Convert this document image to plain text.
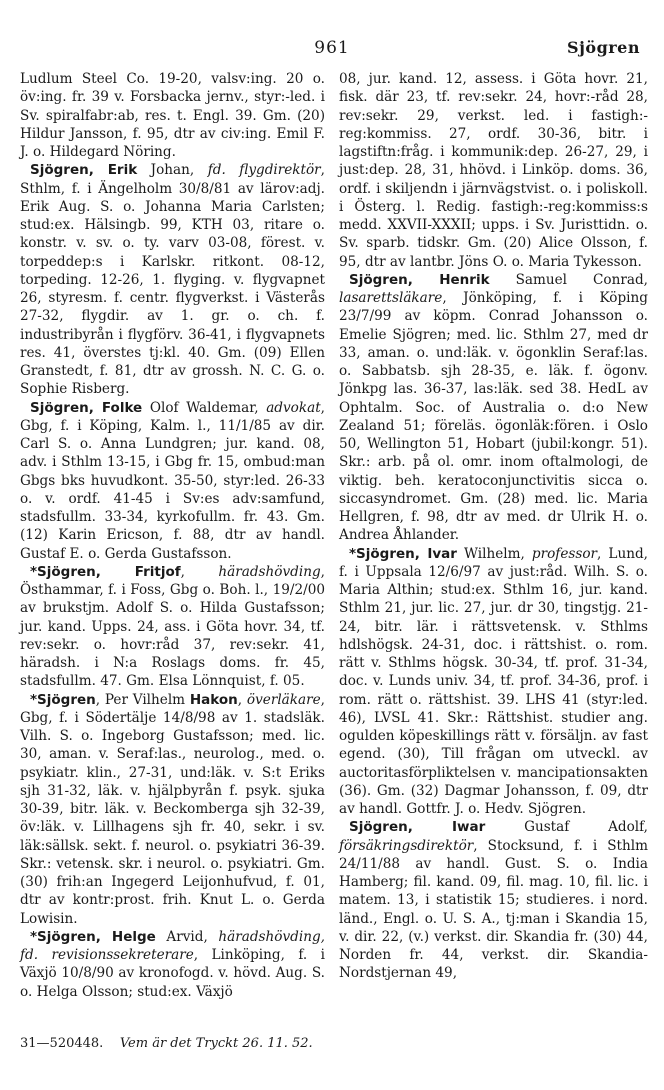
961	Sjögren

Ludlum Steel Co. 19-20, valsv:ing. 20 o. öv:ing. fr. 39 v. Forsbacka jernv., styr:-led. i Sv. spiralfabr:ab, res. t. Engl. 39. Gm. (20) Hildur Jansson, f. 95, dtr av civ:ing. Emil F. J. o. Hildegard Nöring.

Sjögren, Erik Johan, fd. flygdirektör, Sthlm, f. i Ängelholm 30/8/81 av lärov:adj. Erik Aug. S. o. Johanna Maria Carlsten; stud:ex. Hälsingb. 99, KTH 03, ritare o. konstr. v. sv. o. ty. varv 03-08, förest. v. torpeddep:s i Karlskr. ritkont. 08-12, torpeding. 12-26, 1. flyging. v. flygvapnet 26, styresm. f. centr. flygverkst. i Västerås 27-32, flygdir. av 1. gr. o. ch. f. industribyrån i flygförv. 36-41, i flygvapnets res. 41, överstes tj:kl. 40. Gm. (09) Ellen Granstedt, f. 81, dtr av grossh. N. C. G. o. Sophie Risberg.

Sjögren, Folke Olof Waldemar, advokat, Gbg, f. i Köping, Kalm. l., 11/1/85 av dir. Carl S. o. Anna Lundgren; jur. kand. 08, adv. i Sthlm 13-15, i Gbg fr. 15, ombud:man Gbgs bks huvudkont. 35-50, styr:led. 26-33 o. v. ordf. 41-45 i Sv:es adv:samfund, stadsfullm. 33-34, kyrkofullm. fr. 43. Gm. (12) Karin Ericson, f. 88, dtr av handl. Gustaf E. o. Gerda Gustafsson.

*Sjögren, Fritjof, häradshövding, Östhammar, f. i Foss, Gbg o. Boh. l., 19/2/00 av brukstjm. Adolf S. o. Hilda Gustafsson; jur. kand. Upps. 24, ass. i Göta hovr. 34, tf. rev:sekr. o. hovr:råd 37, rev:sekr. 41, häradsh. i N:a Roslags doms. fr. 45, stadsfullm. 47. Gm. Elsa Lönnquist, f. 05.

*Sjögren, Per Vilhelm Hakon, överläkare, Gbg, f. i Södertälje 14/8/98 av 1. stadsläk. Vilh. S. o. Ingeborg Gustafsson; med. lic. 30, aman. v. Seraf:las., neurolog., med. o. psykiatr. klin., 27-31, und:läk. v. S:t Eriks sjh 31-32, läk. v. hjälpbyrån f. psyk. sjuka 30-39, bitr. läk. v. Beckomberga sjh 32-39, öv:läk. v. Lillhagens sjh fr. 40, sekr. i sv. läk:sällsk. sekt. f. neurol. o. psykiatri 36-39. Skr.: vetensk. skr. i neurol. o. psykiatri. Gm. (30) frih:an Ingegerd Leijonhufvud, f. 01, dtr av kontr:prost. frih. Knut L. o. Gerda Lowisin.

*Sjögren, Helge Arvid, häradshövding, fd. revisionssekreterare, Linköping, f. i Växjö 10/8/90 av kronofogd. v. hövd. Aug. S. o. Helga Olsson; stud:ex. Växjö

08, jur. kand. 12, assess. i Göta hovr. 21, fisk. där 23, tf. rev:sekr. 24, hovr:-råd 28, rev:sekr. 29, verkst. led. i fastigh:-reg:kommiss. 27, ordf. 30-36, bitr. i lagstiftn:fråg. i kommunik:dep. 26-27, 29, i just:dep. 28, 31, hhövd. i Linköp. doms. 36, ordf. i skiljendn i järnvägstvist. o. i poliskoll. i Österg. l. Redig. fastigh:-reg:kommiss:s medd. XXVII-XXXII; upps. i Sv. Juristtidn. o. Sv. sparb. tidskr. Gm. (20) Alice Olsson, f. 95, dtr av lantbr. Jöns O. o. Maria Tykesson.

Sjögren, Henrik Samuel Conrad, lasarettsläkare, Jönköping, f. i Köping 23/7/99 av köpm. Conrad Johansson o. Emelie Sjögren; med. lic. Sthlm 27, med dr 33, aman. o. und:läk. v. ögonklin Seraf:las. o. Sabbatsb. sjh 28-35, e. läk. f. ögonv. Jönkpg las. 36-37, las:läk. sed 38. HedL av Ophtalm. Soc. of Australia o. d:o New Zealand 51; föreläs. ögonläk:fören. i Oslo 50, Wellington 51, Hobart (jubil:kongr. 51). Skr.: arb. på ol. omr. inom oftalmologi, de viktig. beh. keratoconjunctivitis sicca o. siccasyndromet. Gm. (28) med. lic. Maria Hellgren, f. 98, dtr av med. dr Ulrik H. o. Andrea Åhlander.

*Sjögren, Ivar Wilhelm, professor, Lund, f. i Uppsala 12/6/97 av just:råd. Wilh. S. o. Maria Althin; stud:ex. Sthlm 16, jur. kand. Sthlm 21, jur. lic. 27, jur. dr 30, tingstjg. 21-24, bitr. lär. i rättsvetensk. v. Sthlms hdlshögsk. 24-31, doc. i rättshist. o. rom. rätt v. Sthlms högsk. 30-34, tf. prof. 31-34, doc. v. Lunds univ. 34, tf. prof. 34-36, prof. i rom. rätt o. rättshist. 39. LHS 41 (styr:led. 46), LVSL 41. Skr.: Rättshist. studier ang. ogulden köpeskillings rätt v. försäljn. av fast egend. (30), Till frågan om utveckl. av auctoritasförpliktelsen v. mancipationsakten (36). Gm. (32) Dagmar Johansson, f. 09, dtr av handl. Gottfr. J. o. Hedv. Sjögren.

Sjögren, Iwar Gustaf Adolf, försäkringsdirektör, Stocksund, f. i Sthlm 24/11/88 av handl. Gust. S. o. India Hamberg; fil. kand. 09, fil. mag. 10, fil. lic. i matem. 13, i statistik 15; studieres. i nord. länd., Engl. o. U. S. A., tj:man i Skandia 15, v. dir. 22, (v.) verkst. dir. Skandia fr. (30) 44, Norden fr. 44, verkst. dir. Skandia-Nordstjernan 49,

31—520448. Vem är det Tryckt 26. 11. 52.
